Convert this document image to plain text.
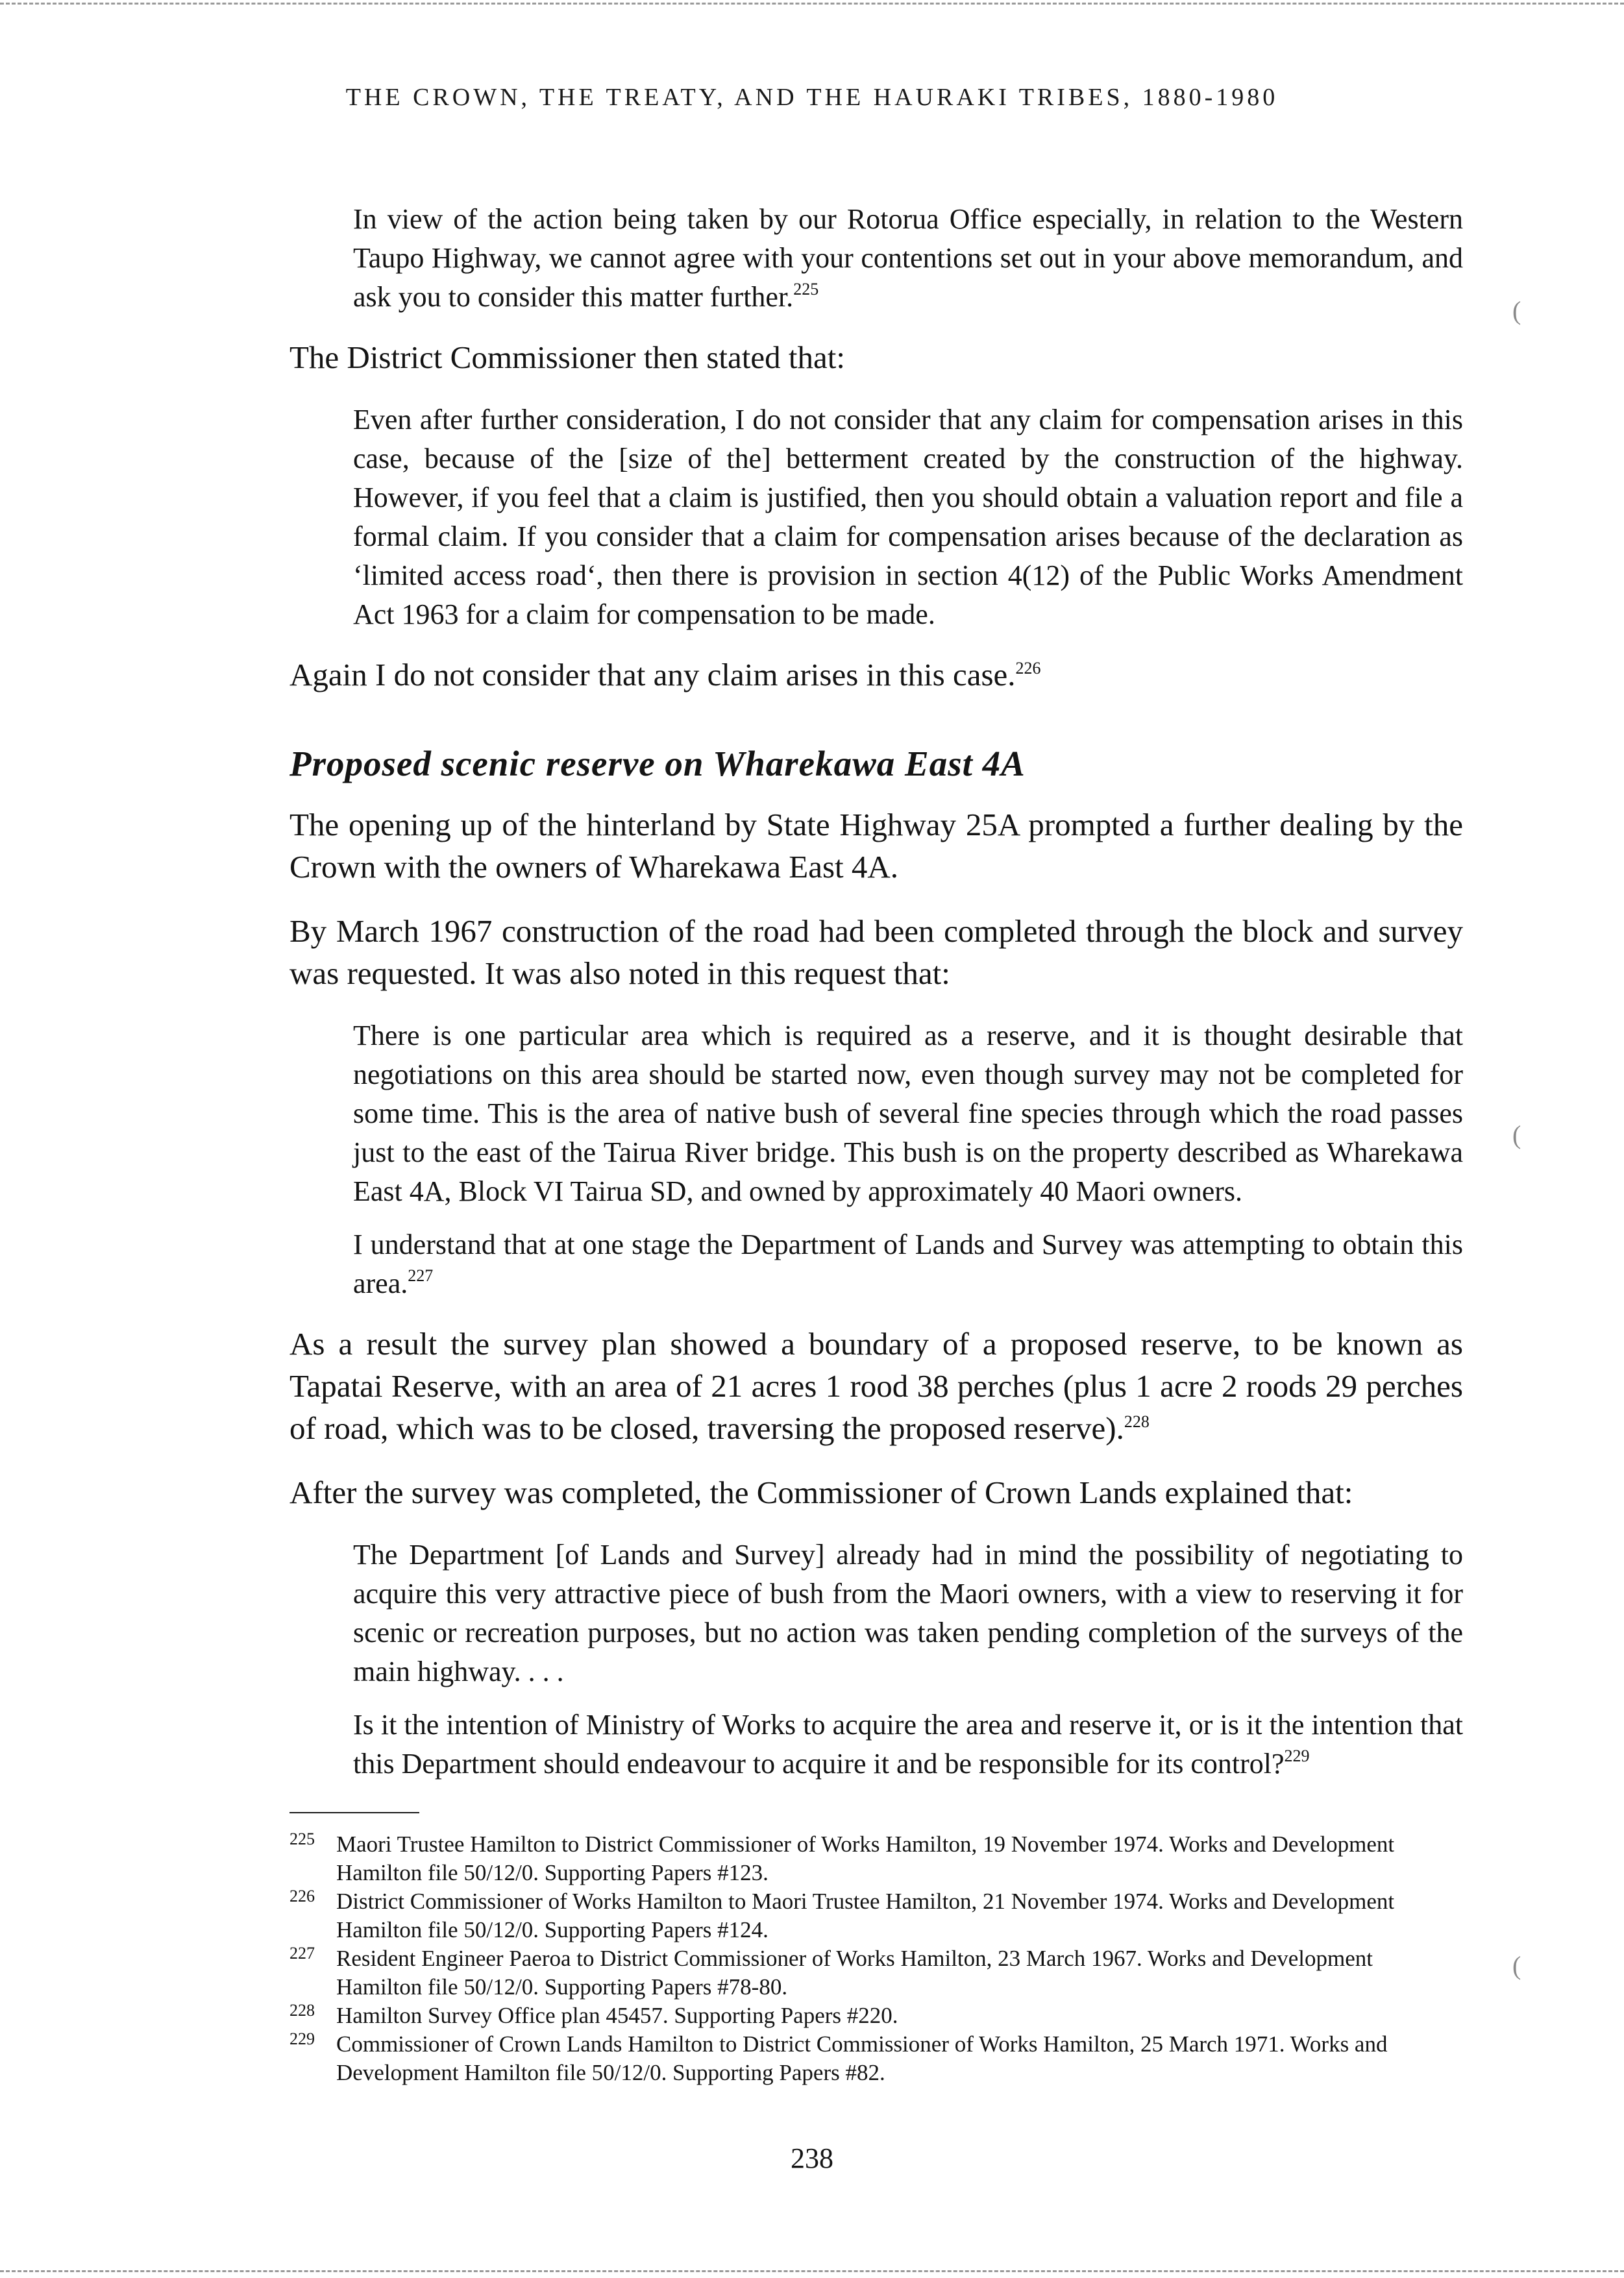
THE CROWN, THE TREATY, AND THE HAURAKI TRIBES, 1880-1980

In view of the action being taken by our Rotorua Office especially, in relation to the Western Taupo Highway, we cannot agree with your contentions set out in your above memorandum, and ask you to consider this matter further.$^{225}$

The District Commissioner then stated that:

Even after further consideration, I do not consider that any claim for compensation arises in this case, because of the [size of the] betterment created by the construction of the highway. However, if you feel that a claim is justified, then you should obtain a valuation report and file a formal claim. If you consider that a claim for compensation arises because of the declaration as ‘limited access road‘, then there is provision in section 4(12) of the Public Works Amendment Act 1963 for a claim for compensation to be made.

Again I do not consider that any claim arises in this case.$^{226}$

Proposed scenic reserve on Wharekawa East 4A

The opening up of the hinterland by State Highway 25A prompted a further dealing by the Crown with the owners of Wharekawa East 4A.

By March 1967 construction of the road had been completed through the block and survey was requested. It was also noted in this request that:

There is one particular area which is required as a reserve, and it is thought desirable that negotiations on this area should be started now, even though survey may not be completed for some time. This is the area of native bush of several fine species through which the road passes just to the east of the Tairua River bridge. This bush is on the property described as Wharekawa East 4A, Block VI Tairua SD, and owned by approximately 40 Maori owners.

I understand that at one stage the Department of Lands and Survey was attempting to obtain this area.$^{227}$

As a result the survey plan showed a boundary of a proposed reserve, to be known as Tapatai Reserve, with an area of 21 acres 1 rood 38 perches (plus 1 acre 2 roods 29 perches of road, which was to be closed, traversing the proposed reserve).$^{228}$

After the survey was completed, the Commissioner of Crown Lands explained that:

The Department [of Lands and Survey] already had in mind the possibility of negotiating to acquire this very attractive piece of bush from the Maori owners, with a view to reserving it for scenic or recreation purposes, but no action was taken pending completion of the surveys of the main highway. . . .

Is it the intention of Ministry of Works to acquire the area and reserve it, or is it the intention that this Department should endeavour to acquire it and be responsible for its control?$^{229}$

225 Maori Trustee Hamilton to District Commissioner of Works Hamilton, 19 November 1974. Works and Development Hamilton file 50/12/0. Supporting Papers #123.
226 District Commissioner of Works Hamilton to Maori Trustee Hamilton, 21 November 1974. Works and Development Hamilton file 50/12/0. Supporting Papers #124.
227 Resident Engineer Paeroa to District Commissioner of Works Hamilton, 23 March 1967. Works and Development Hamilton file 50/12/0. Supporting Papers #78-80.
228 Hamilton Survey Office plan 45457. Supporting Papers #220.
229 Commissioner of Crown Lands Hamilton to District Commissioner of Works Hamilton, 25 March 1971. Works and Development Hamilton file 50/12/0. Supporting Papers #82.
238
(
(
(
